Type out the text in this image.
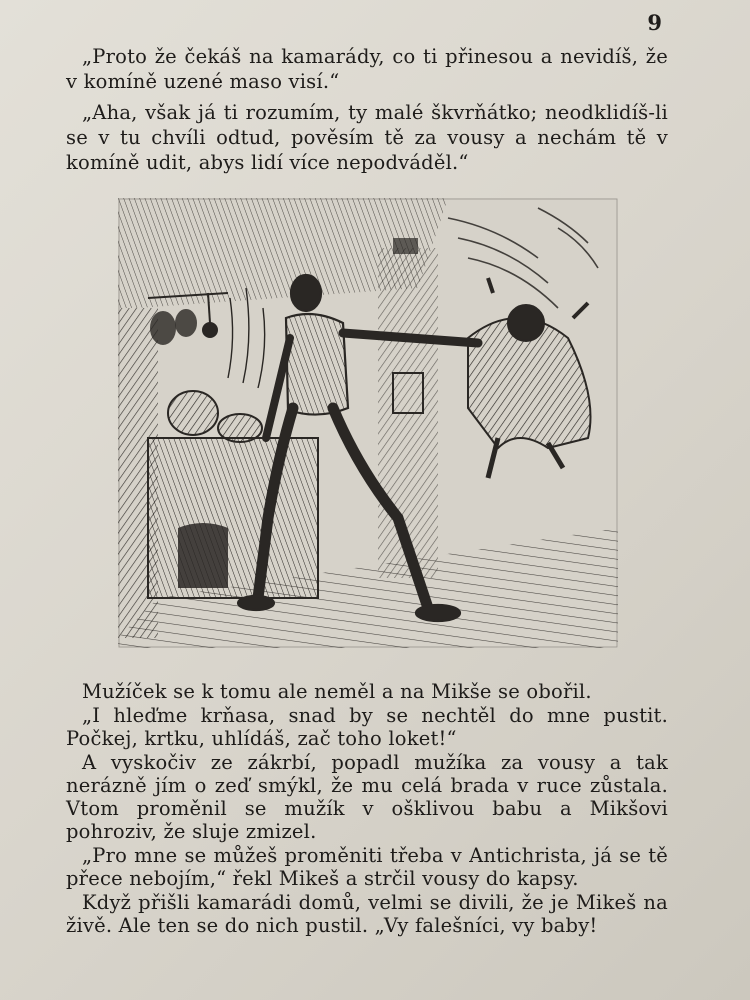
9

„Proto že čekáš na kamarády, co ti přinesou a nevidíš, že v komíně uzené maso visí.“

„Aha, však já ti rozumím, ty malé škvrňátko; neodklidíš-li se v tu chvíli odtud, pověsím tě za vousy a nechám tě v komíně udit, abys lidí více nepodváděl.“

Mužíček se k tomu ale neměl a na Mikše se obořil.

„I hleďme krňasa, snad by se nechtěl do mne pustit. Počkej, krtku, uhlídáš, zač toho loket!“

A vyskočiv ze zákrbí, popadl mužíka za vousy a tak nerázně jím o zeď smýkl, že mu celá brada v ruce zůstala. Vtom proměnil se mužík v ošklivou babu a Mikšovi pohroziv, že sluje zmizel.

„Pro mne se můžeš proměniti třeba v Antichrista, já se tě přece nebojím,“ řekl Mikeš a strčil vousy do kapsy.

Když přišli kamarádi domů, velmi se divili, že je Mikeš na živě. Ale ten se do nich pustil. „Vy falešníci, vy baby!
